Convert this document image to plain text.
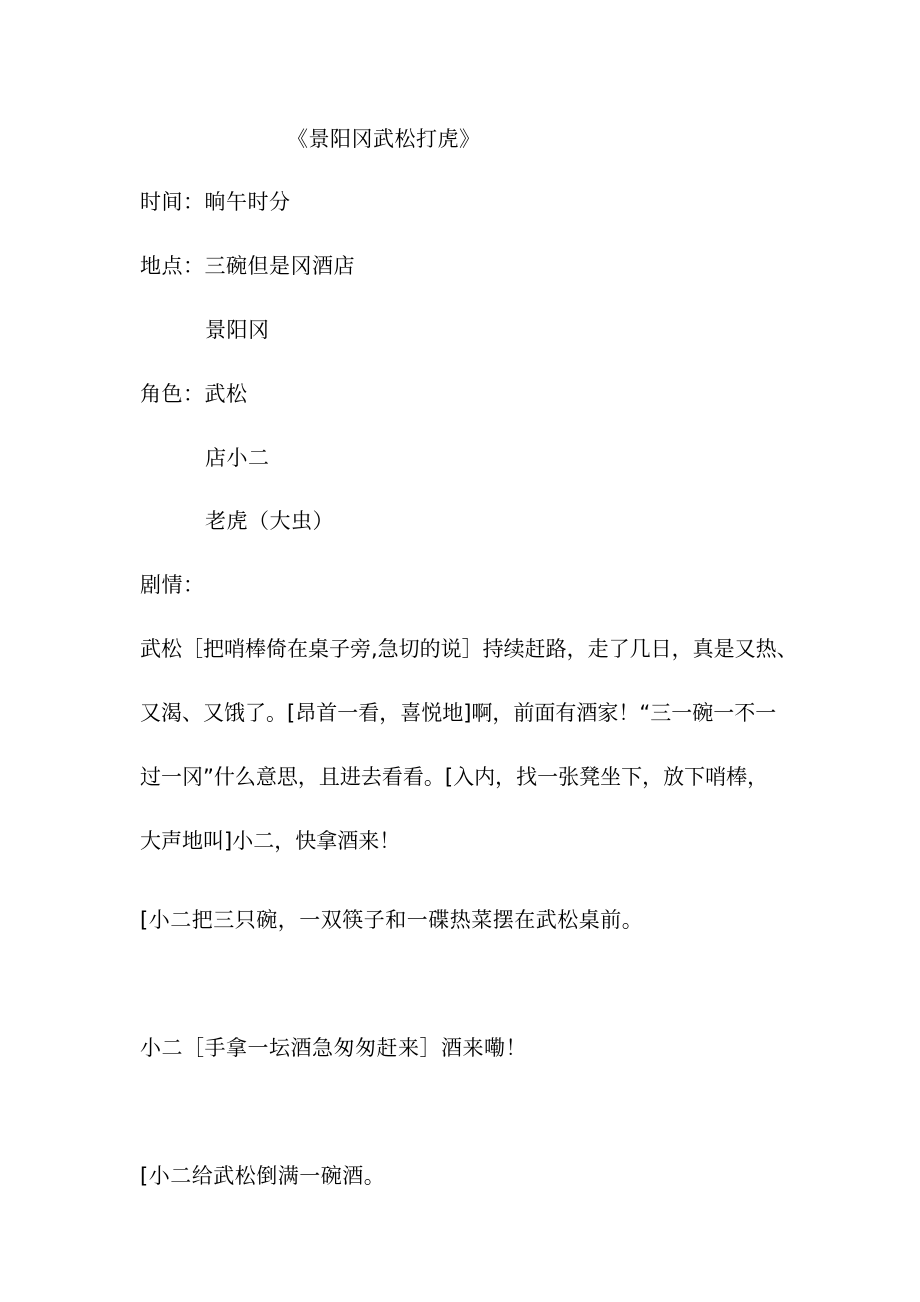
《景阳冈武松打虎》
时间：晌午时分
地点：三碗但是冈酒店
景阳冈
角色：武松
店小二
老虎（大虫）
剧情：
武松［把哨棒倚在桌子旁,急切的说］持续赶路，走了几日，真是又热、
又渴、又饿了。[昂首一看，喜悦地]啊，前面有酒家！“三一碗一不一
过一冈”什么意思，且进去看看。[入内，找一张凳坐下，放下哨棒，
大声地叫]小二，快拿酒来！
[小二把三只碗，一双筷子和一碟热菜摆在武松桌前。
小二［手拿一坛酒急匆匆赶来］酒来嘞！
[小二给武松倒满一碗酒。
